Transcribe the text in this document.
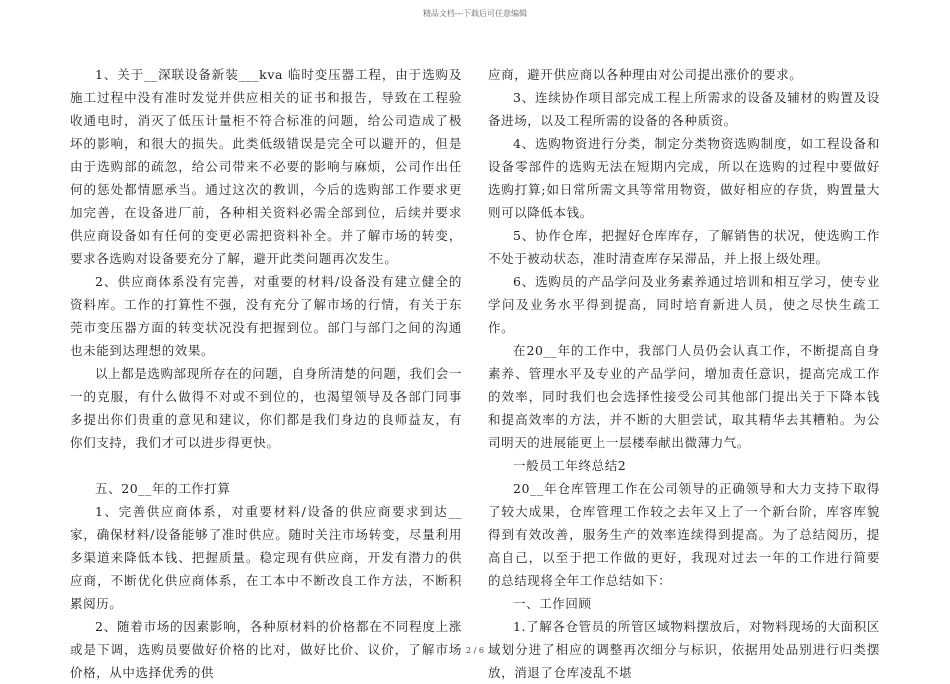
精品文档---下载后可任意编辑

1、关于__深联设备新装___kva 临时变压器工程，由于选购及施工过程中没有准时发觉并供应相关的证书和报告，导致在工程验收通电时，消灭了低压计量柜不符合标准的问题，给公司造成了极坏的影响，和很大的损失。此类低级错误是完全可以避开的，但是由于选购部的疏忽，给公司带来不必要的影响与麻烦，公司作出任何的惩处都情愿承当。通过这次的教训，今后的选购部工作要求更加完善，在设备进厂前，各种相关资料必需全部到位，后续并要求供应商设备如有任何的变更必需把资料补全。并了解市场的转变，要求各选购对设备要充分了解，避开此类问题再次发生。

2、供应商体系没有完善，对重要的材料/设备没有建立健全的资料库。工作的打算性不强，没有充分了解市场的行情，有关于东莞市变压器方面的转变状况没有把握到位。部门与部门之间的沟通也未能到达理想的效果。

以上都是选购部现所存在的问题，自身所清楚的问题，我们会一一的克服，有什么做得不对或不到位的，也渴望领导及各部门同事多提出你们贵重的意见和建议，你们都是我们身边的良师益友，有你们支持，我们才可以进步得更快。

五、20__年的工作打算

1、完善供应商体系，对重要材料/设备的供应商要求到达__家，确保材料/设备能够了准时供应。随时关注市场转变，尽量利用多渠道来降低本钱、把握质量。稳定现有供应商，开发有潜力的供应商，不断优化供应商体系，在工本中不断改良工作方法，不断积累阅历。

2、随着市场的因素影响，各种原材料的价格都在不同程度上涨或是下调，选购员要做好价格的比对，做好比价、议价，了解市场价格，从中选择优秀的供

应商，避开供应商以各种理由对公司提出涨价的要求。

3、连续协作项目部完成工程上所需求的设备及辅材的购置及设备进场，以及工程所需的设备的各种质资。

4、选购物资进行分类，制定分类物资选购制度，如工程设备和设备零部件的选购无法在短期内完成，所以在选购的过程中要做好选购打算;如日常所需文具等常用物资，做好相应的存货，购置量大则可以降低本钱。

5、协作仓库，把握好仓库库存，了解销售的状况，使选购工作不处于被动状态，准时清查库存呆滞品，并上报上级处理。

6、选购员的产品学问及业务素养通过培训和相互学习，使专业学问及业务水平得到提高，同时培育新进人员，使之尽快生疏工作。

在20__年的工作中，我部门人员仍会认真工作，不断提高自身素养、管理水平及专业的产品学问，增加责任意识，提高完成工作的效率，同时我们也会选择性接受公司其他部门提出关于下降本钱和提高效率的方法，并不断的大胆尝试，取其精华去其糟粕。为公司明天的进展能更上一层楼奉献出微薄力气。

一般员工年终总结2

20__年仓库管理工作在公司领导的正确领导和大力支持下取得了较大成果，仓库管理工作较之去年又上了一个新台阶，库容库貌得到有效改善，服务生产的效率连续得到提高。为了总结阅历，提高自己，以至于把工作做的更好，我现对过去一年的工作进行简要的总结现将全年工作总结如下：

一、工作回顾

1.了解各仓管员的所管区域物料摆放后，对物料现场的大面积区域划分进了相应的调整再次细分与标识，依据用处品别进行归类摆放，消退了仓库凌乱不堪

2 / 6
